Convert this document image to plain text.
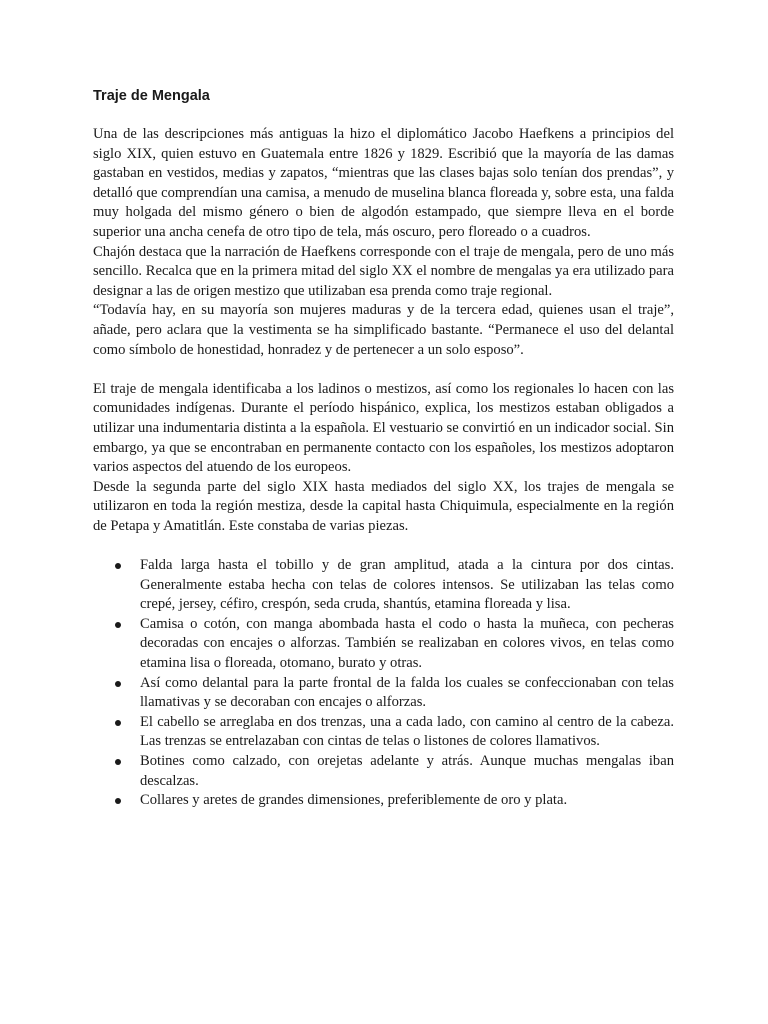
Traje de Mengala

Una de las descripciones más antiguas la hizo el diplomático Jacobo Haefkens a principios del siglo XIX, quien estuvo en Guatemala entre 1826 y 1829. Escribió que la mayoría de las damas gastaban en vestidos, medias y zapatos, “mientras que las clases bajas solo tenían dos prendas”, y detalló que comprendían una camisa, a menudo de muselina blanca floreada y, sobre esta, una falda muy holgada del mismo género o bien de algodón estampado, que siempre lleva en el borde superior una ancha cenefa de otro tipo de tela, más oscuro, pero floreado o a cuadros.

Chajón destaca que la narración de Haefkens corresponde con el traje de mengala, pero de uno más sencillo. Recalca que en la primera mitad del siglo XX el nombre de mengalas ya era utilizado para designar a las de origen mestizo que utilizaban esa prenda como traje regional.

“Todavía hay, en su mayoría son mujeres maduras y de la tercera edad, quienes usan el traje”, añade, pero aclara que la vestimenta se ha simplificado bastante. “Permanece el uso del delantal como símbolo de honestidad, honradez y de pertenecer a un solo esposo”.

El traje de mengala identificaba a los ladinos o mestizos, así como los regionales lo hacen con las comunidades indígenas. Durante el período hispánico, explica, los mestizos estaban obligados a utilizar una indumentaria distinta a la española. El vestuario se convirtió en un indicador social. Sin embargo, ya que se encontraban en permanente contacto con los españoles, los mestizos adoptaron varios aspectos del atuendo de los europeos.

Desde la segunda parte del siglo XIX hasta mediados del siglo XX, los trajes de mengala se utilizaron en toda la región mestiza, desde la capital hasta Chiquimula, especialmente en la región de Petapa y Amatitlán. Este constaba de varias piezas.

Falda larga hasta el tobillo y de gran amplitud, atada a la cintura por dos cintas. Generalmente estaba hecha con telas de colores intensos. Se utilizaban las telas como crepé, jersey, céfiro, crespón, seda cruda, shantús, etamina floreada y lisa.
Camisa o cotón, con manga abombada hasta el codo o hasta la muñeca, con pecheras decoradas con encajes o alforzas. También se realizaban en colores vivos, en telas como etamina lisa o floreada, otomano, burato y otras.
Así como delantal para la parte frontal de la falda los cuales se confeccionaban con telas llamativas y se decoraban con encajes o alforzas.
El cabello se arreglaba en dos trenzas, una a cada lado, con camino al centro de la cabeza. Las trenzas se entrelazaban con cintas de telas o listones de colores llamativos.
Botines como calzado, con orejetas adelante y atrás. Aunque muchas mengalas iban descalzas.
Collares y aretes de grandes dimensiones, preferiblemente de oro y plata.
